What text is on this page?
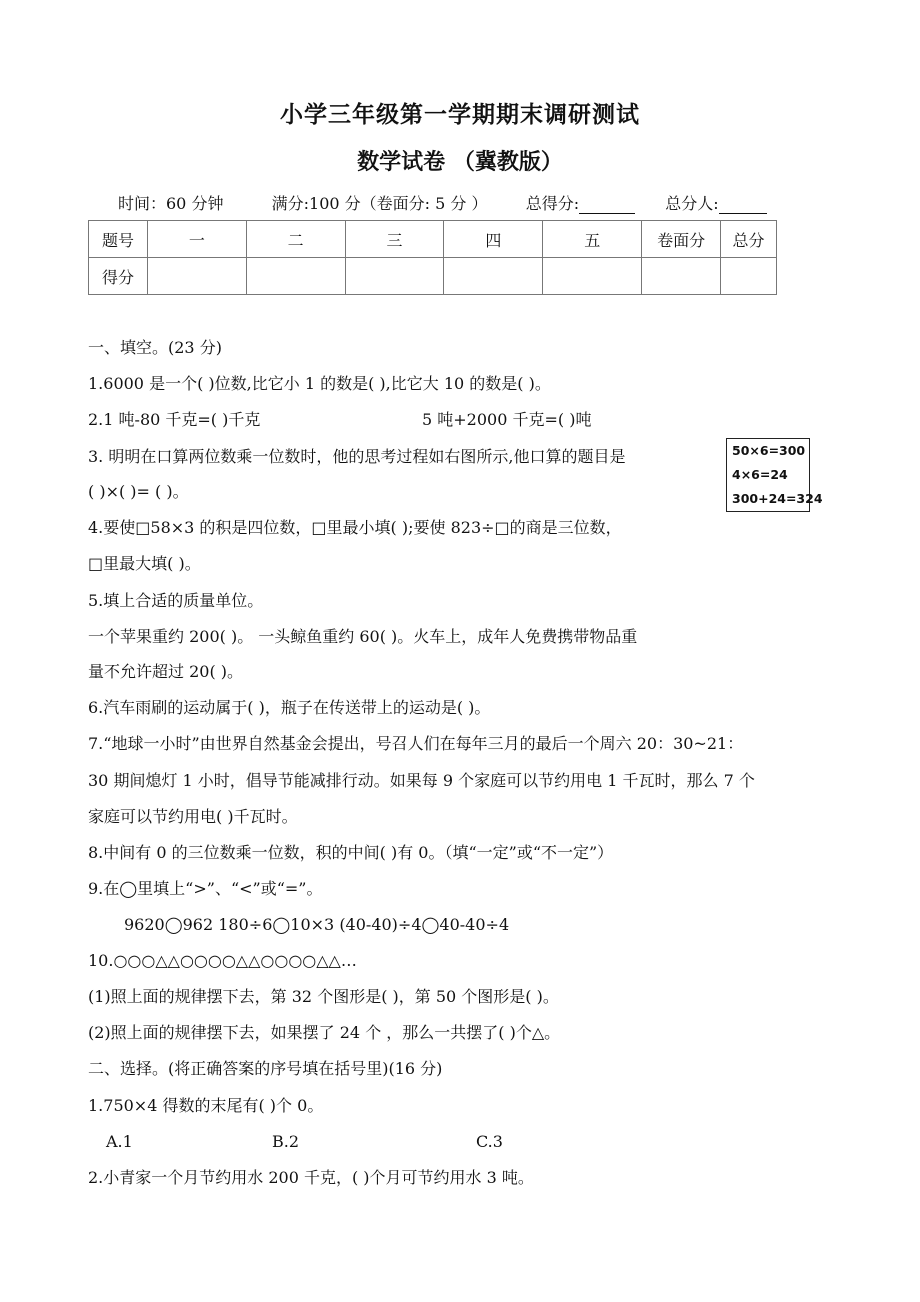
小学三年级第一学期期末调研测试
数学试卷 （冀教版）
时间：60 分钟	满分:100 分（卷面分: 5 分 ） 总得分:	总分人:
题号	一	二	三	四	五	卷面分	总分
得分							
一、填空。(23 分)
1.6000 是一个( )位数,比它小 1 的数是( ),比它大 10 的数是( )。
2.1 吨-80 千克=( )千克	5 吨+2000 千克=( )吨
3. 明明在口算两位数乘一位数时，他的思考过程如右图所示,他口算的题目是
( )×( )= ( )。
50×6=300
4×6=24
300+24=324
4.要使□58×3 的积是四位数，□里最小填( );要使 823÷□的商是三位数，
□里最大填( )。
5.填上合适的质量单位。
一个苹果重约 200( )。 一头鲸鱼重约 60( )。火车上，成年人免费携带物品重
量不允许超过 20( )。
6.汽车雨刷的运动属于( )，瓶子在传送带上的运动是( )。
7.“地球一小时”由世界自然基金会提出，号召人们在每年三月的最后一个周六 20：30~21：
30 期间熄灯 1 小时，倡导节能减排行动。如果每 9 个家庭可以节约用电 1 千瓦时，那么 7 个
家庭可以节约用电( )千瓦时。
8.中间有 0 的三位数乘一位数，积的中间( )有 0。（填“一定”或“不一定”）
9.在◯里填上“>”、“<”或“=”。
9620◯962 180÷6◯10×3 (40-40)÷4◯40-40÷4
10.○○○△△○○○○△△○○○○△△…
(1)照上面的规律摆下去，第 32 个图形是( )，第 50 个图形是( )。
(2)照上面的规律摆下去，如果摆了 24 个 ，那么一共摆了( )个△。
二、选择。(将正确答案的序号填在括号里)(16 分)
1.750×4 得数的末尾有( )个 0。
A.1	B.2	C.3
2.小青家一个月节约用水 200 千克，( )个月可节约用水 3 吨。
